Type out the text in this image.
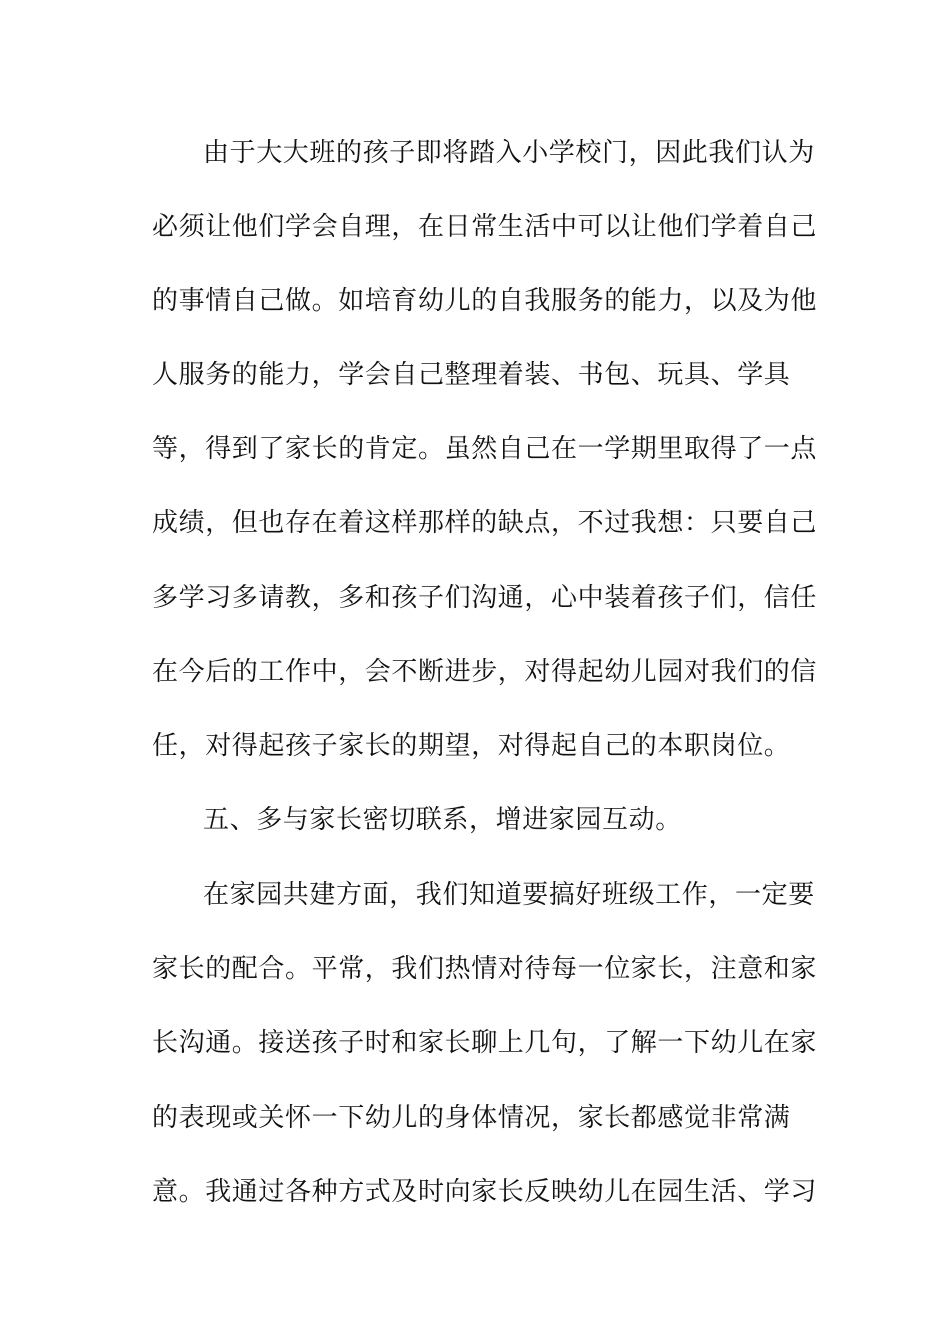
由于大大班的孩子即将踏入小学校门，因此我们认为
必须让他们学会自理，在日常生活中可以让他们学着自己
的事情自己做。如培育幼儿的自我服务的能力，以及为他
人服务的能力，学会自己整理着装、书包、玩具、学具
等，得到了家长的肯定。虽然自己在一学期里取得了一点
成绩，但也存在着这样那样的缺点，不过我想：只要自己
多学习多请教，多和孩子们沟通，心中装着孩子们，信任
在今后的工作中，会不断进步，对得起幼儿园对我们的信
任，对得起孩子家长的期望，对得起自己的本职岗位。
五、多与家长密切联系，增进家园互动。
在家园共建方面，我们知道要搞好班级工作，一定要
家长的配合。平常，我们热情对待每一位家长，注意和家
长沟通。接送孩子时和家长聊上几句，了解一下幼儿在家
的表现或关怀一下幼儿的身体情况，家长都感觉非常满
意。我通过各种方式及时向家长反映幼儿在园生活、学习
